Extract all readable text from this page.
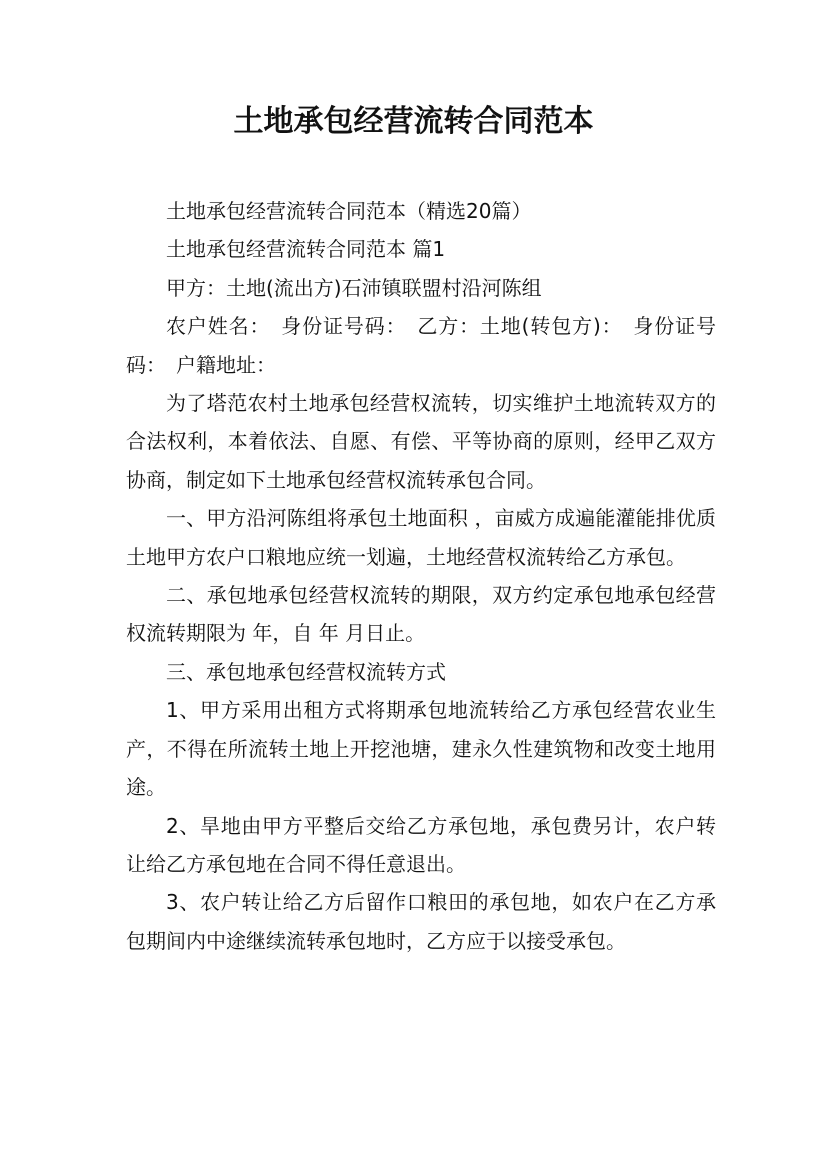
土地承包经营流转合同范本

土地承包经营流转合同范本（精选20篇）

土地承包经营流转合同范本 篇1

甲方：土地(流出方)石沛镇联盟村沿河陈组

农户姓名：　身份证号码：　乙方：土地(转包方)：　身份证号码：　户籍地址：

为了塔范农村土地承包经营权流转，切实维护土地流转双方的合法权利，本着依法、自愿、有偿、平等协商的原则，经甲乙双方协商，制定如下土地承包经营权流转承包合同。

一、甲方沿河陈组将承包土地面积 ，亩威方成遍能灌能排优质土地甲方农户口粮地应统一划遍，土地经营权流转给乙方承包。

二、承包地承包经营权流转的期限，双方约定承包地承包经营权流转期限为 年，自 年 月日止。

三、承包地承包经营权流转方式

1、甲方采用出租方式将期承包地流转给乙方承包经营农业生产，不得在所流转土地上开挖池塘，建永久性建筑物和改变土地用途。

2、旱地由甲方平整后交给乙方承包地，承包费另计，农户转让给乙方承包地在合同不得任意退出。

3、农户转让给乙方后留作口粮田的承包地，如农户在乙方承包期间内中途继续流转承包地时，乙方应于以接受承包。
